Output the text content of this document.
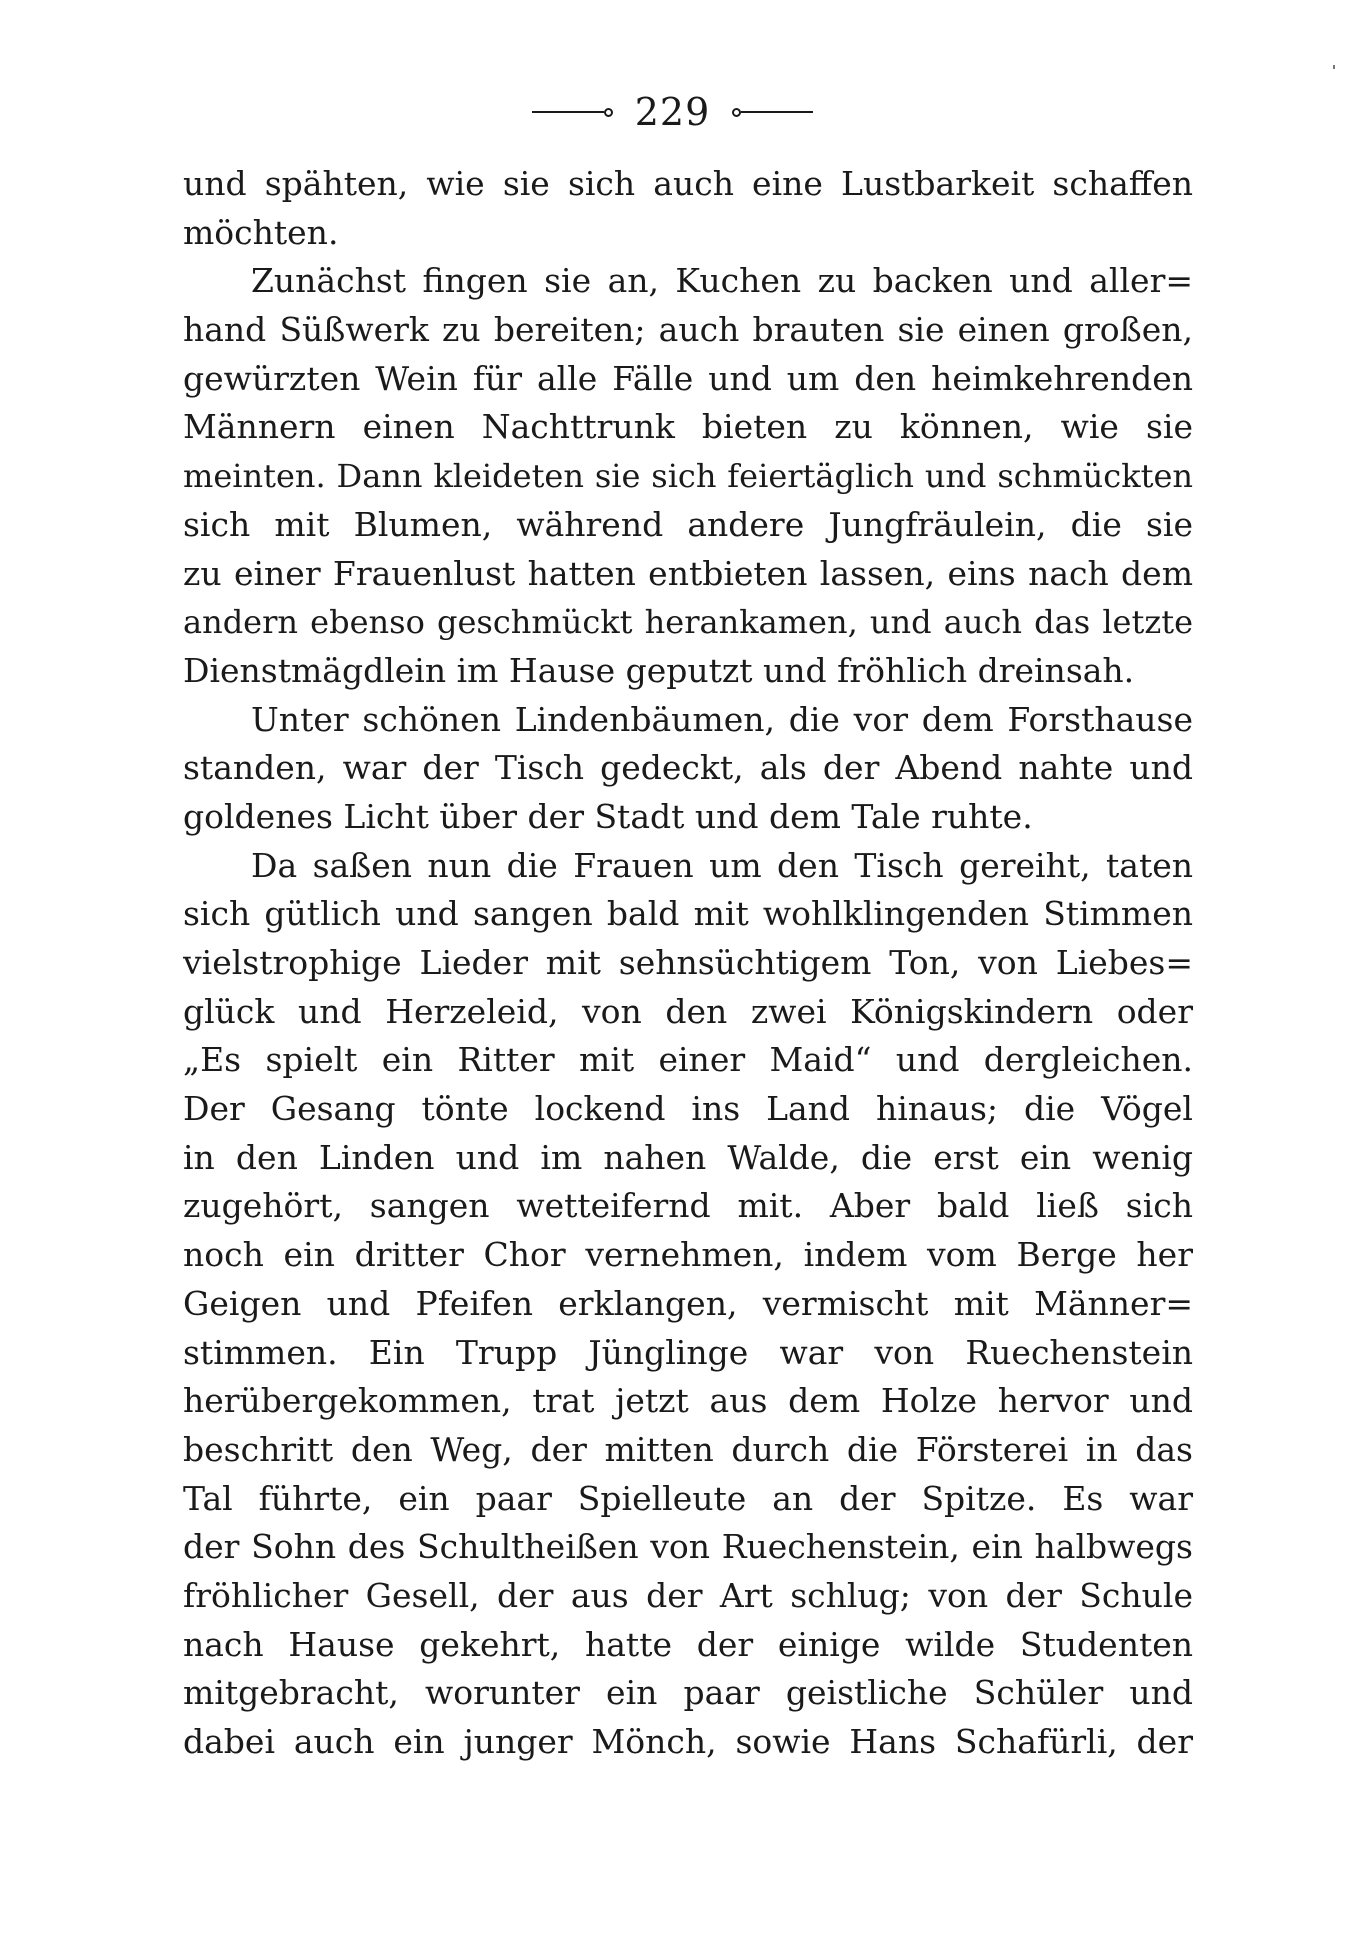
229
und spähten, wie sie sich auch eine Lustbarkeit schaffen
möchten.
Zunächst fingen sie an, Kuchen zu backen und aller=
hand Süßwerk zu bereiten; auch brauten sie einen großen,
gewürzten Wein für alle Fälle und um den heimkehrenden
Männern einen Nachttrunk bieten zu können, wie sie
meinten. Dann kleideten sie sich feiertäglich und schmückten
sich mit Blumen, während andere Jungfräulein, die sie
zu einer Frauenlust hatten entbieten lassen, eins nach dem
andern ebenso geschmückt herankamen, und auch das letzte
Dienstmägdlein im Hause geputzt und fröhlich dreinsah.
Unter schönen Lindenbäumen, die vor dem Forsthause
standen, war der Tisch gedeckt, als der Abend nahte und
goldenes Licht über der Stadt und dem Tale ruhte.
Da saßen nun die Frauen um den Tisch gereiht, taten
sich gütlich und sangen bald mit wohlklingenden Stimmen
vielstrophige Lieder mit sehnsüchtigem Ton, von Liebes=
glück und Herzeleid, von den zwei Königskindern oder
„Es spielt ein Ritter mit einer Maid“ und dergleichen.
Der Gesang tönte lockend ins Land hinaus; die Vögel
in den Linden und im nahen Walde, die erst ein wenig
zugehört, sangen wetteifernd mit. Aber bald ließ sich
noch ein dritter Chor vernehmen, indem vom Berge her
Geigen und Pfeifen erklangen, vermischt mit Männer=
stimmen. Ein Trupp Jünglinge war von Ruechenstein
herübergekommen, trat jetzt aus dem Holze hervor und
beschritt den Weg, der mitten durch die Försterei in das
Tal führte, ein paar Spielleute an der Spitze. Es war
der Sohn des Schultheißen von Ruechenstein, ein halbwegs
fröhlicher Gesell, der aus der Art schlug; von der Schule
nach Hause gekehrt, hatte der einige wilde Studenten
mitgebracht, worunter ein paar geistliche Schüler und
dabei auch ein junger Mönch, sowie Hans Schafürli, der
